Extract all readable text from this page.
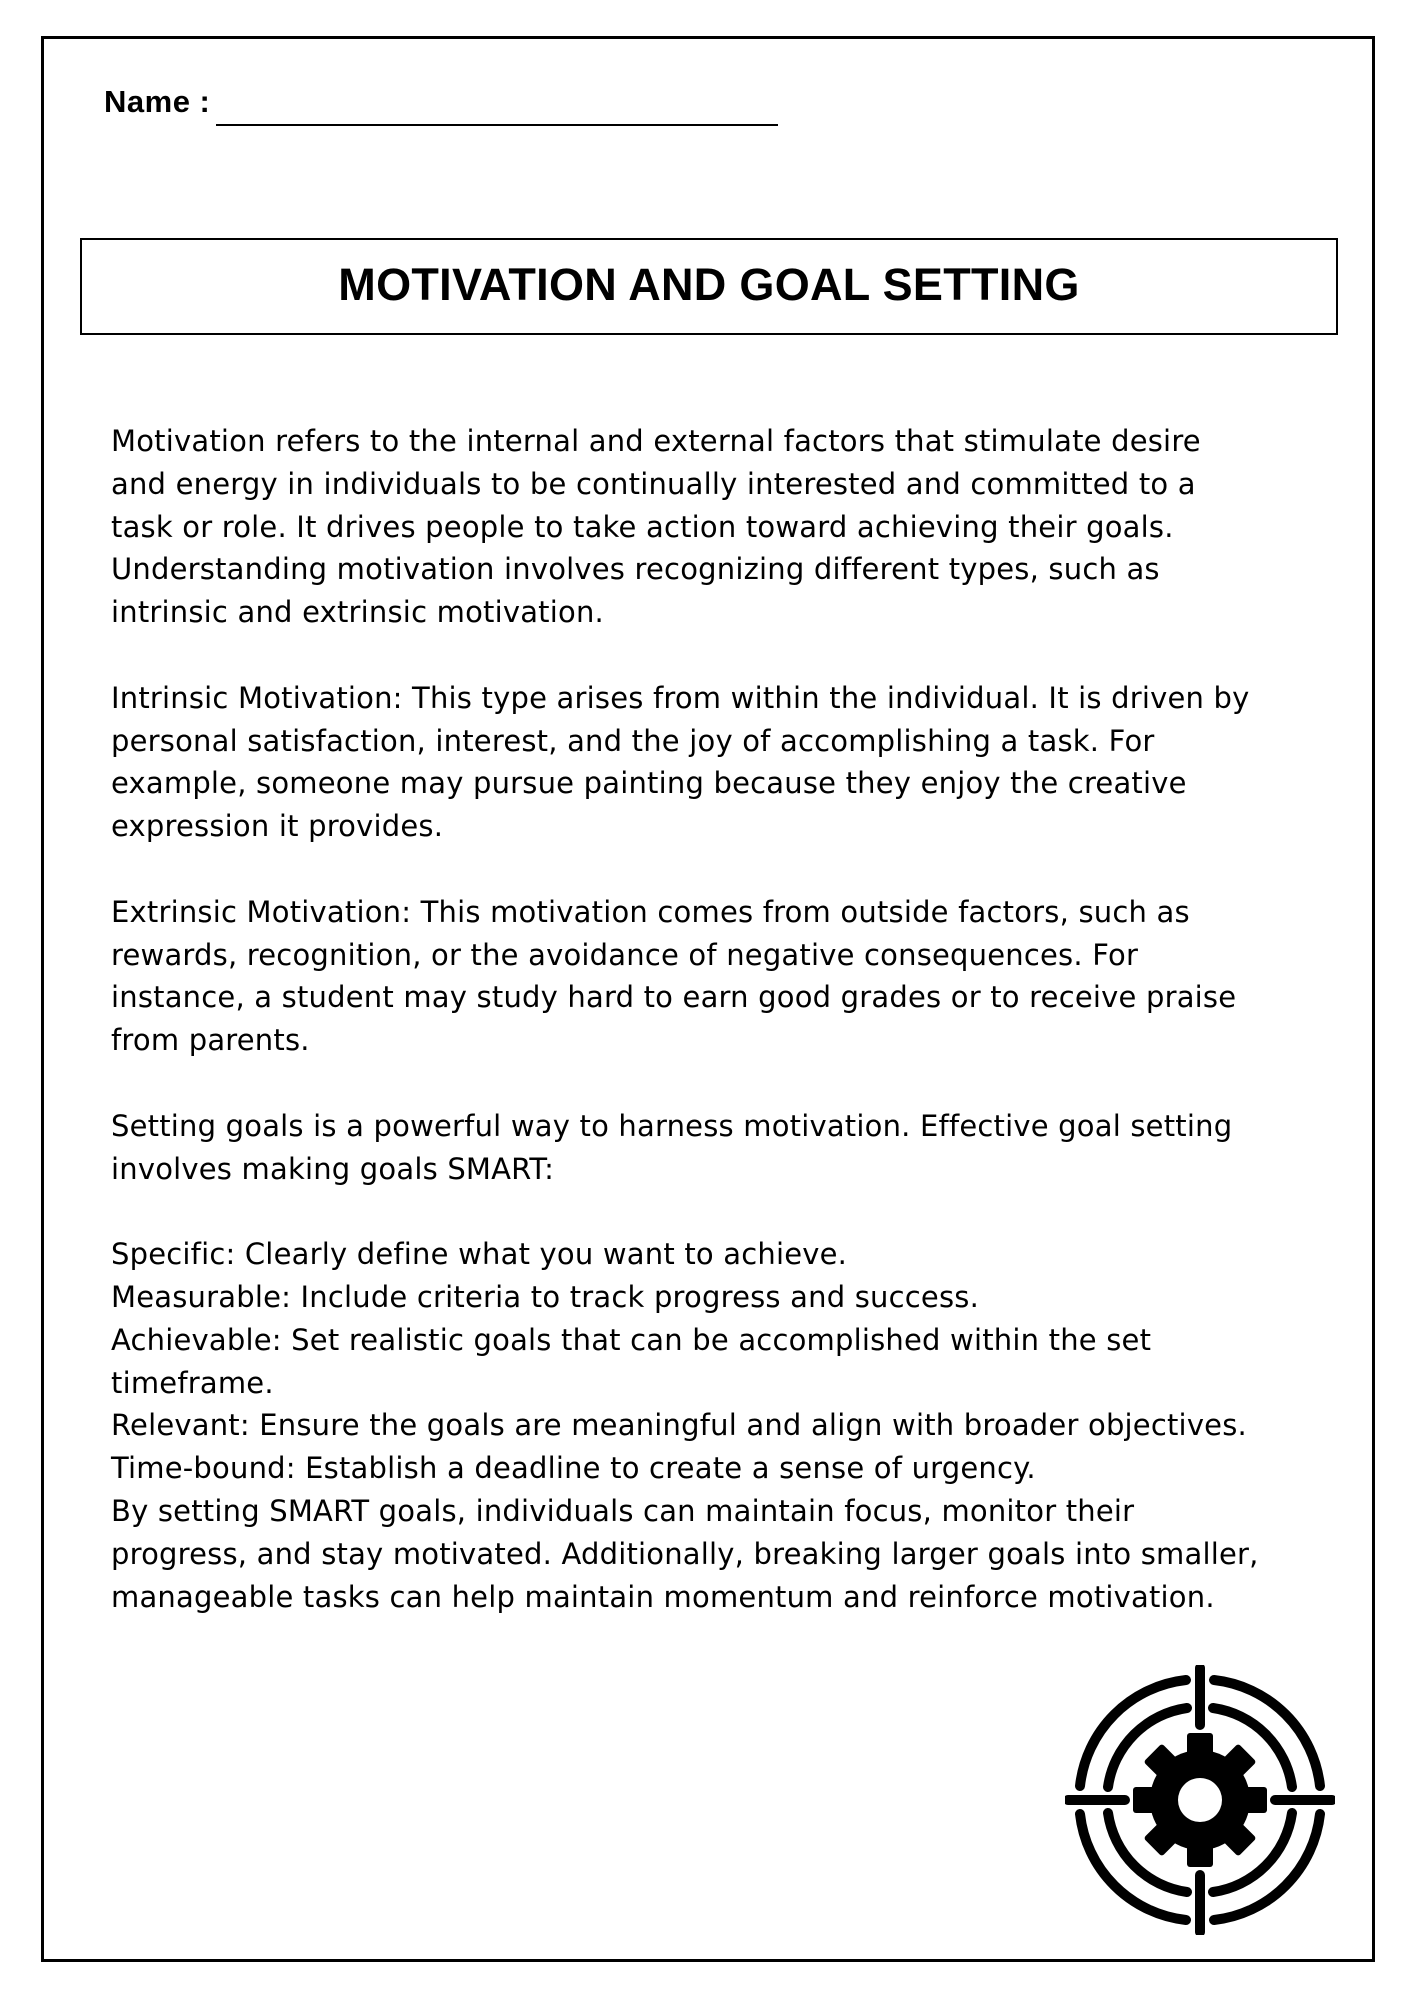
Name :
MOTIVATION AND GOAL SETTING

Motivation refers to the internal and external factors that stimulate desire
and energy in individuals to be continually interested and committed to a
task or role. It drives people to take action toward achieving their goals.
Understanding motivation involves recognizing different types, such as
intrinsic and extrinsic motivation.

Intrinsic Motivation: This type arises from within the individual. It is driven by
personal satisfaction, interest, and the joy of accomplishing a task. For
example, someone may pursue painting because they enjoy the creative
expression it provides.

Extrinsic Motivation: This motivation comes from outside factors, such as
rewards, recognition, or the avoidance of negative consequences. For
instance, a student may study hard to earn good grades or to receive praise
from parents.

Setting goals is a powerful way to harness motivation. Effective goal setting
involves making goals SMART:

Specific: Clearly define what you want to achieve.
Measurable: Include criteria to track progress and success.
Achievable: Set realistic goals that can be accomplished within the set
timeframe.
Relevant: Ensure the goals are meaningful and align with broader objectives.
Time-bound: Establish a deadline to create a sense of urgency.
By setting SMART goals, individuals can maintain focus, monitor their
progress, and stay motivated. Additionally, breaking larger goals into smaller,
manageable tasks can help maintain momentum and reinforce motivation.
